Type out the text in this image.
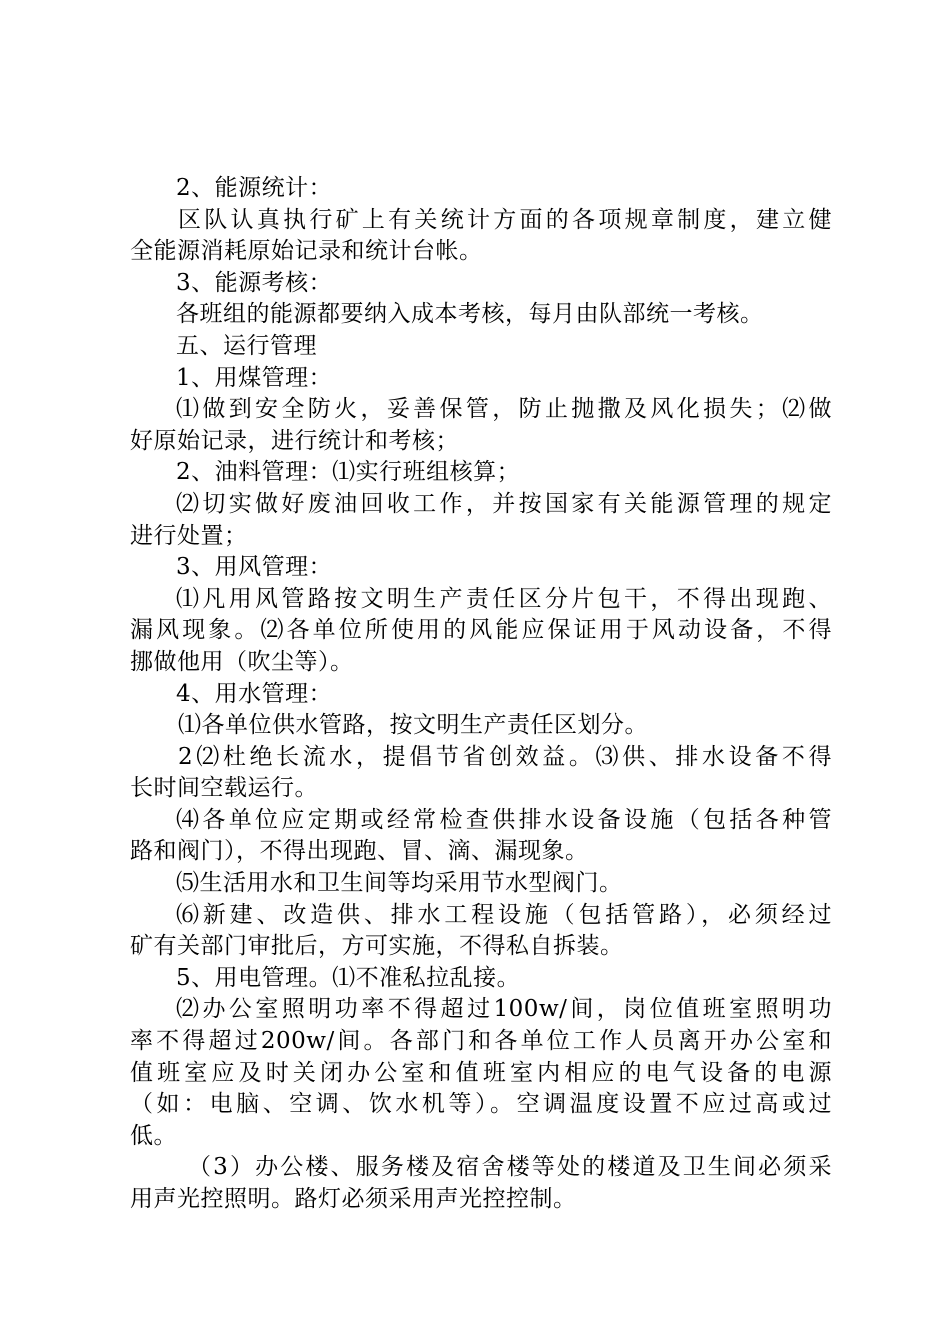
2、能源统计：
区队认真执行矿上有关统计方面的各项规章制度，建立健
全能源消耗原始记录和统计台帐。
3、能源考核：
各班组的能源都要纳入成本考核，每月由队部统一考核。
五、运行管理
1、用煤管理：
⑴做到安全防火，妥善保管，防止抛撒及风化损失；⑵做
好原始记录，进行统计和考核；
2、油料管理：⑴实行班组核算；
⑵切实做好废油回收工作，并按国家有关能源管理的规定
进行处置；
3、用风管理：
⑴凡用风管路按文明生产责任区分片包干，不得出现跑、
漏风现象。⑵各单位所使用的风能应保证用于风动设备，不得
挪做他用（吹尘等）。
4、用水管理：
⑴各单位供水管路，按文明生产责任区划分。
2⑵杜绝长流水，提倡节省创效益。⑶供、排水设备不得
长时间空载运行。
⑷各单位应定期或经常检查供排水设备设施（包括各种管
路和阀门），不得出现跑、冒、滴、漏现象。
⑸生活用水和卫生间等均采用节水型阀门。
⑹新建、改造供、排水工程设施（包括管路），必须经过
矿有关部门审批后，方可实施，不得私自拆装。
5、用电管理。⑴不准私拉乱接。
⑵办公室照明功率不得超过100w/间，岗位值班室照明功
率不得超过200w/间。各部门和各单位工作人员离开办公室和
值班室应及时关闭办公室和值班室内相应的电气设备的电源
（如：电脑、空调、饮水机等）。空调温度设置不应过高或过
低。
（3）办公楼、服务楼及宿舍楼等处的楼道及卫生间必须采
用声光控照明。路灯必须采用声光控控制。
